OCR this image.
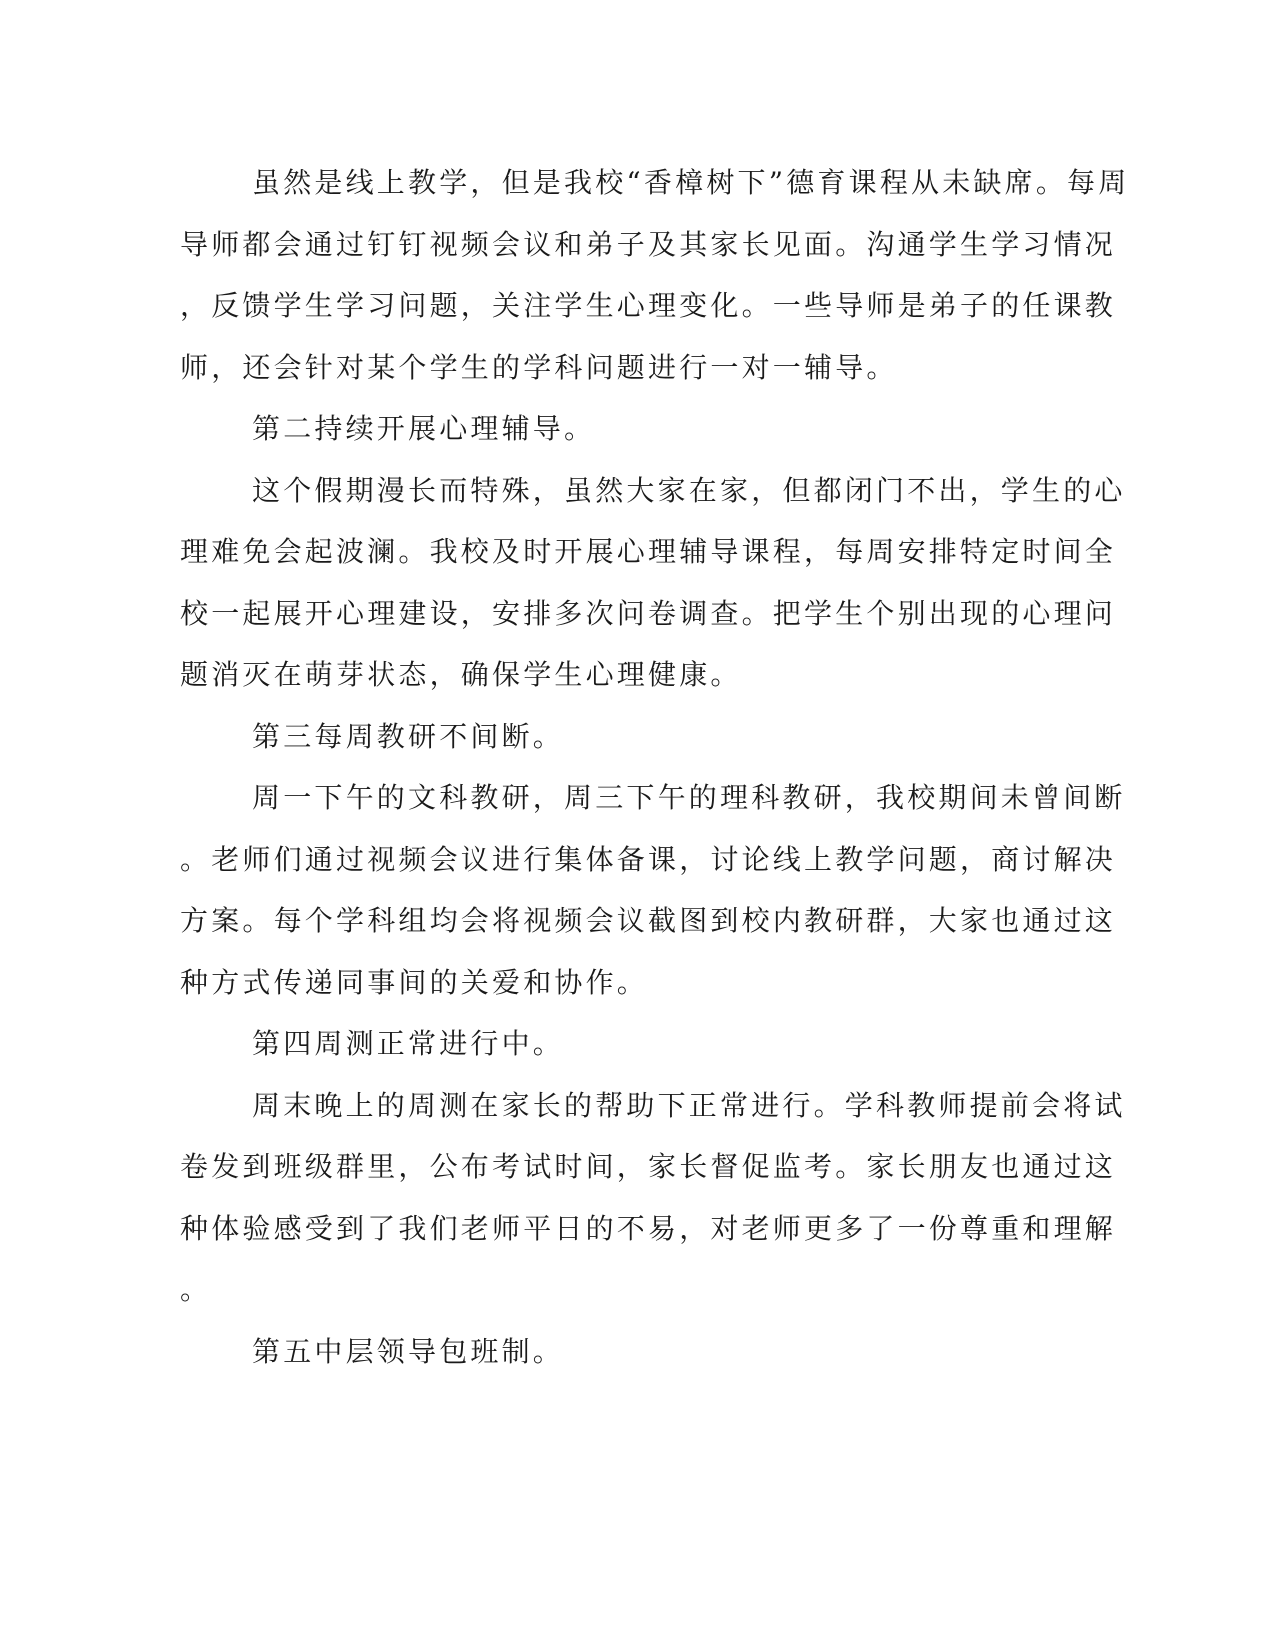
虽然是线上教学，但是我校“香樟树下”德育课程从未缺席。每周
导师都会通过钉钉视频会议和弟子及其家长见面。沟通学生学习情况
，反馈学生学习问题，关注学生心理变化。一些导师是弟子的任课教
师，还会针对某个学生的学科问题进行一对一辅导。
第二持续开展心理辅导。
这个假期漫长而特殊，虽然大家在家，但都闭门不出，学生的心
理难免会起波澜。我校及时开展心理辅导课程，每周安排特定时间全
校一起展开心理建设，安排多次问卷调查。把学生个别出现的心理问
题消灭在萌芽状态，确保学生心理健康。
第三每周教研不间断。
周一下午的文科教研，周三下午的理科教研，我校期间未曾间断
。老师们通过视频会议进行集体备课，讨论线上教学问题，商讨解决
方案。每个学科组均会将视频会议截图到校内教研群，大家也通过这
种方式传递同事间的关爱和协作。
第四周测正常进行中。
周末晚上的周测在家长的帮助下正常进行。学科教师提前会将试
卷发到班级群里，公布考试时间，家长督促监考。家长朋友也通过这
种体验感受到了我们老师平日的不易，对老师更多了一份尊重和理解
。
第五中层领导包班制。
